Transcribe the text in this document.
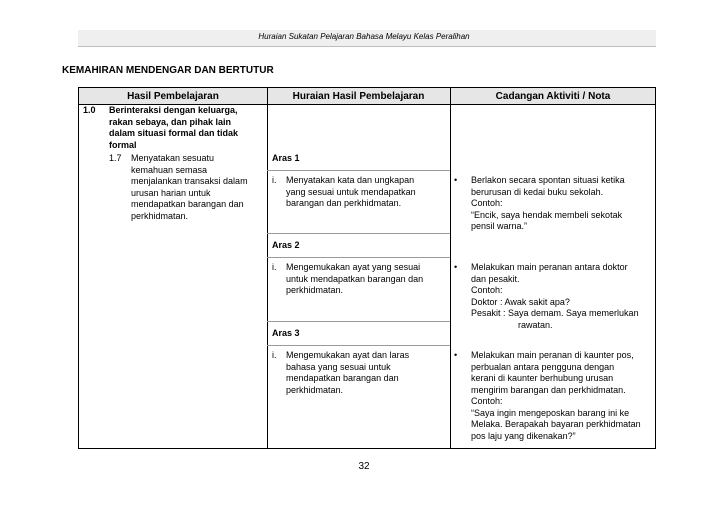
Huraian Sukatan Pelajaran Bahasa Melayu Kelas Peralihan
KEMAHIRAN MENDENGAR DAN BERTUTUR
Hasil Pembelajaran	Huraian Hasil Pembelajaran	Cadangan Aktiviti / Nota
1.0 Berinteraksi dengan keluarga,
rakan sebaya, dan pihak lain
dalam situasi formal dan tidak
formal
1.7 Menyatakan sesuatu
kemahuan semasa
menjalankan transaksi dalam
urusan harian untuk
mendapatkan barangan dan
perkhidmatan.
Aras 1
i. Menyatakan kata dan ungkapan
yang sesuai untuk mendapatkan
barangan dan perkhidmatan.
• Berlakon secara spontan situasi ketika
berurusan di kedai buku sekolah.
Contoh:
“Encik, saya hendak membeli sekotak
pensil warna.”
Aras 2
i. Mengemukakan ayat yang sesuai
untuk mendapatkan barangan dan
perkhidmatan.
• Melakukan main peranan antara doktor
dan pesakit.
Contoh:
Doktor : Awak sakit apa?
Pesakit : Saya demam. Saya memerlukan
rawatan.
Aras 3
i. Mengemukakan ayat dan laras
bahasa yang sesuai untuk
mendapatkan barangan dan
perkhidmatan.
• Melakukan main peranan di kaunter pos,
perbualan antara pengguna dengan
kerani di kaunter berhubung urusan
mengirim barangan dan perkhidmatan.
Contoh:
“Saya ingin mengeposkan barang ini ke
Melaka. Berapakah bayaran perkhidmatan
pos laju yang dikenakan?”
32
